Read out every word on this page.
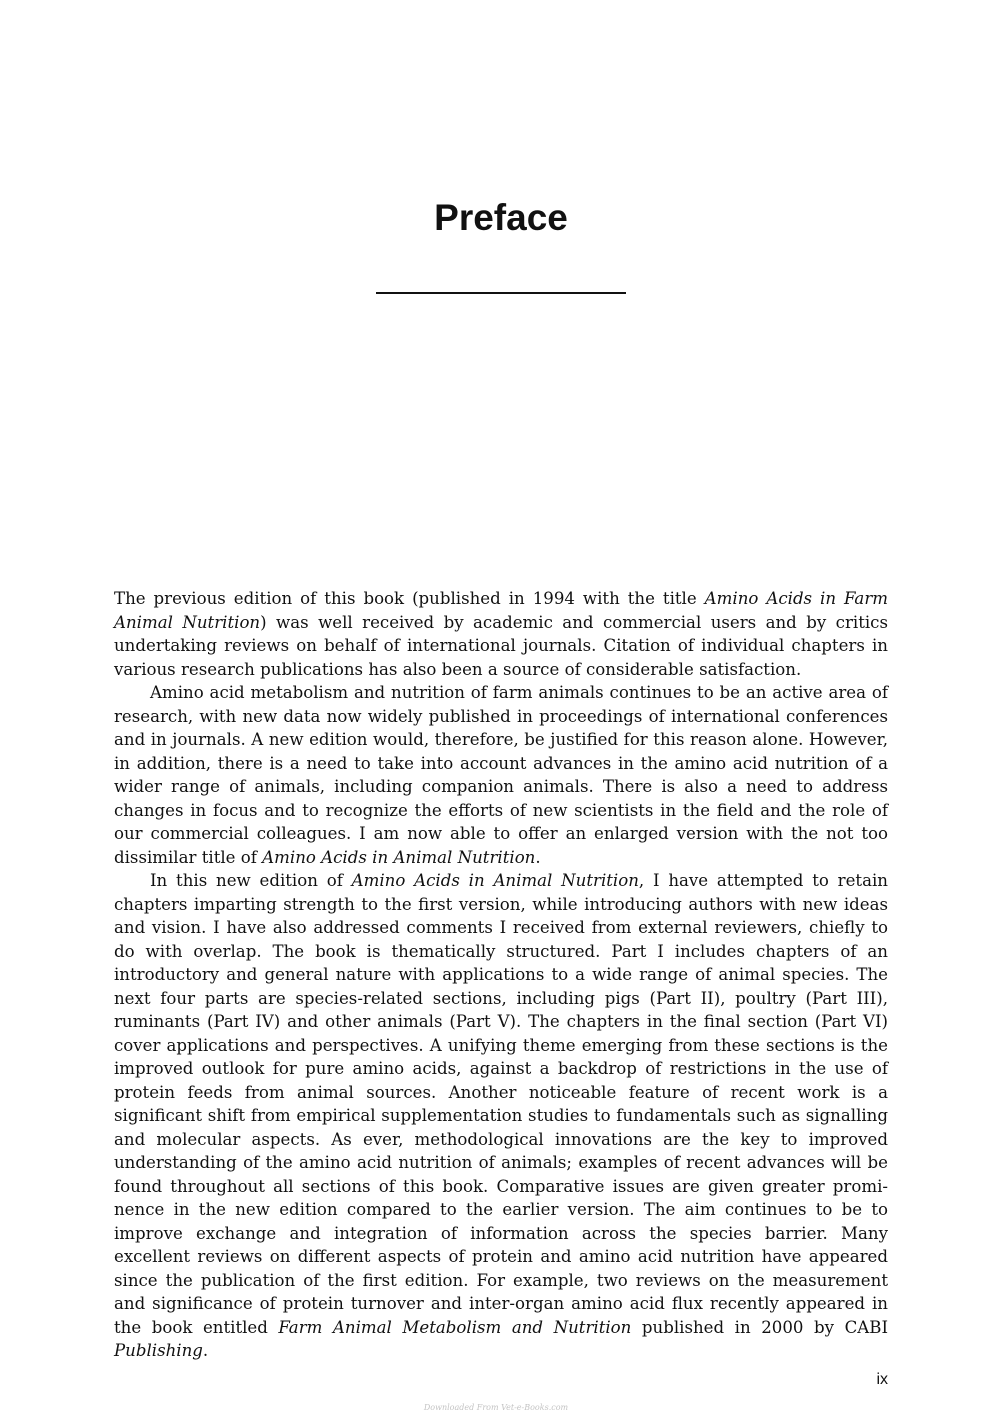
Preface

The previous edition of this book (published in 1994 with the title Amino Acids in Farm Animal Nutrition) was well received by academic and commercial users and by critics undertaking reviews on behalf of international journals. Citation of individual chapters in various research publications has also been a source of considerable satisfaction.

Amino acid metabolism and nutrition of farm animals continues to be an active area of research, with new data now widely published in proceedings of international conferences and in journals. A new edition would, therefore, be justified for this reason alone. However, in addition, there is a need to take into account advances in the amino acid nutrition of a wider range of animals, including companion animals. There is also a need to address changes in focus and to recognize the efforts of new scientists in the field and the role of our commercial colleagues. I am now able to offer an enlarged version with the not too dissimilar title of Amino Acids in Animal Nutrition.

In this new edition of Amino Acids in Animal Nutrition, I have attempted to retain chapters imparting strength to the first version, while introducing authors with new ideas and vision. I have also addressed comments I received from external reviewers, chiefly to do with overlap. The book is thematically structured. Part I includes chapters of an introductory and general nature with applications to a wide range of animal species. The next four parts are species-related sections, including pigs (Part II), poultry (Part III), ruminants (Part IV) and other animals (Part V). The chapters in the final section (Part VI) cover applications and perspectives. A unifying theme emerging from these sections is the improved outlook for pure amino acids, against a backdrop of restrictions in the use of protein feeds from animal sources. Another noticeable feature of recent work is a significant shift from empirical supplementation studies to fundamentals such as signalling and molecular aspects. As ever, methodological innovations are the key to improved understanding of the amino acid nutrition of animals; examples of recent advances will be found throughout all sections of this book. Comparative issues are given greater prominence in the new edition compared to the earlier version. The aim continues to be to improve exchange and integration of information across the species barrier. Many excellent reviews on different aspects of protein and amino acid nutrition have appeared since the publication of the first edition. For example, two reviews on the measurement and significance of protein turnover and inter-organ amino acid flux recently appeared in the book entitled Farm Animal Metabolism and Nutrition published in 2000 by CABI Publishing.

ix
Downloaded From Vet-e-Books.com
